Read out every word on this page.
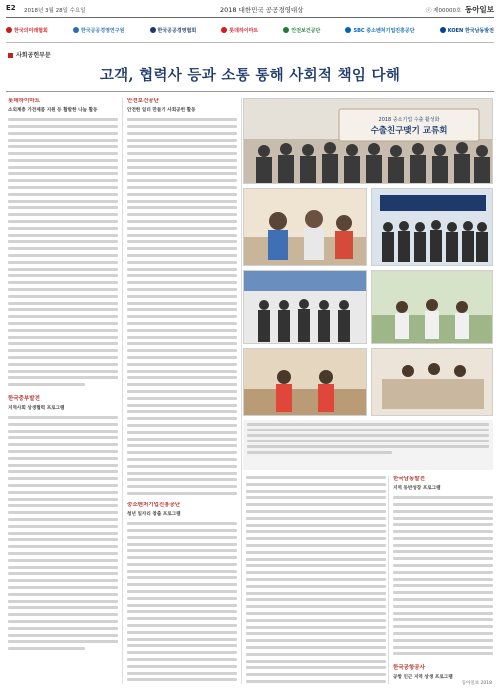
E2 2018년 3월 28일 수요일	2018 대한민국 공공경영대상	ⓒ 제00000호 동아일보
한국의미래협회	한국공공경영연구원	한국공공경영협회	롯데하이마트	안전보건공단	SBC 중소벤처기업진흥공단	KOEN 한국남동발전
사회공헌부문
고객, 협력사 등과 소통 통해 사회적 책임 다해
롯데하이마트
소외계층 가전제품 지원 등 활발한 나눔 활동
한국중부발전
지역사회 상생협력 프로그램
안전보건공단
안전한 일터 만들기 사회공헌 활동
2018 중소기업 수출 활성화
수출친구맺기 교류회
중소벤처기업진흥공단
청년 일자리 창출 프로그램
한국남동발전
지역 동반성장 프로그램
한국공항공사
공항 인근 지역 상생 프로그램
동아일보 2018
